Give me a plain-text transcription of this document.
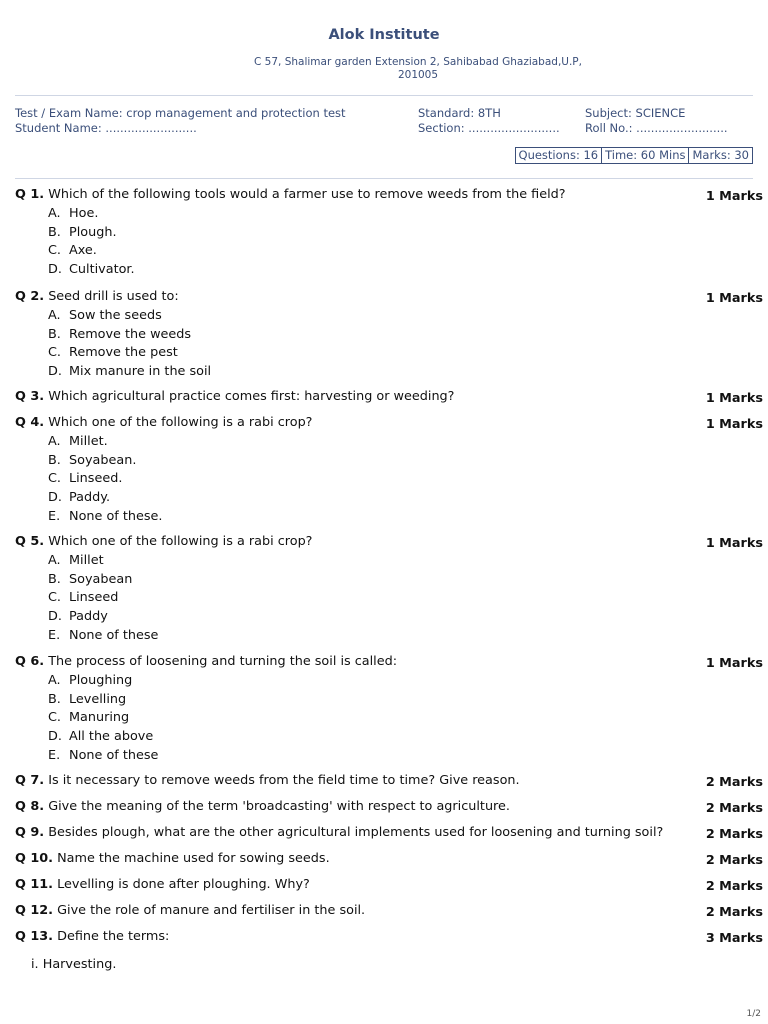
Alok Institute
C 57, Shalimar garden Extension 2, Sahibabad Ghaziabad,U.P, 201005
Test / Exam Name: crop management and protection test	Standard: 8TH	Subject: SCIENCE
Student Name: .........................	Section: ......................... Roll No.: .........................
Questions: 16 Time: 60 Mins Marks: 30
Q 1. Which of the following tools would a farmer use to remove weeds from the field?	1 Marks
A. Hoe.
B. Plough.
C. Axe.
D. Cultivator.
Q 2. Seed drill is used to:	1 Marks
A. Sow the seeds
B. Remove the weeds
C. Remove the pest
D. Mix manure in the soil
Q 3. Which agricultural practice comes first: harvesting or weeding?	1 Marks
Q 4. Which one of the following is a rabi crop?	1 Marks
A. Millet.
B. Soyabean.
C. Linseed.
D. Paddy.
E. None of these.
Q 5. Which one of the following is a rabi crop?	1 Marks
A. Millet
B. Soyabean
C. Linseed
D. Paddy
E. None of these
Q 6. The process of loosening and turning the soil is called:	1 Marks
A. Ploughing
B. Levelling
C. Manuring
D. All the above
E. None of these
Q 7. Is it necessary to remove weeds from the field time to time? Give reason.	2 Marks
Q 8. Give the meaning of the term 'broadcasting' with respect to agriculture.	2 Marks
Q 9. Besides plough, what are the other agricultural implements used for loosening and turning soil?	2 Marks
Q 10. Name the machine used for sowing seeds.	2 Marks
Q 11. Levelling is done after ploughing. Why?	2 Marks
Q 12. Give the role of manure and fertiliser in the soil.	2 Marks
Q 13. Define the terms:	3 Marks
i. Harvesting.
1/2
